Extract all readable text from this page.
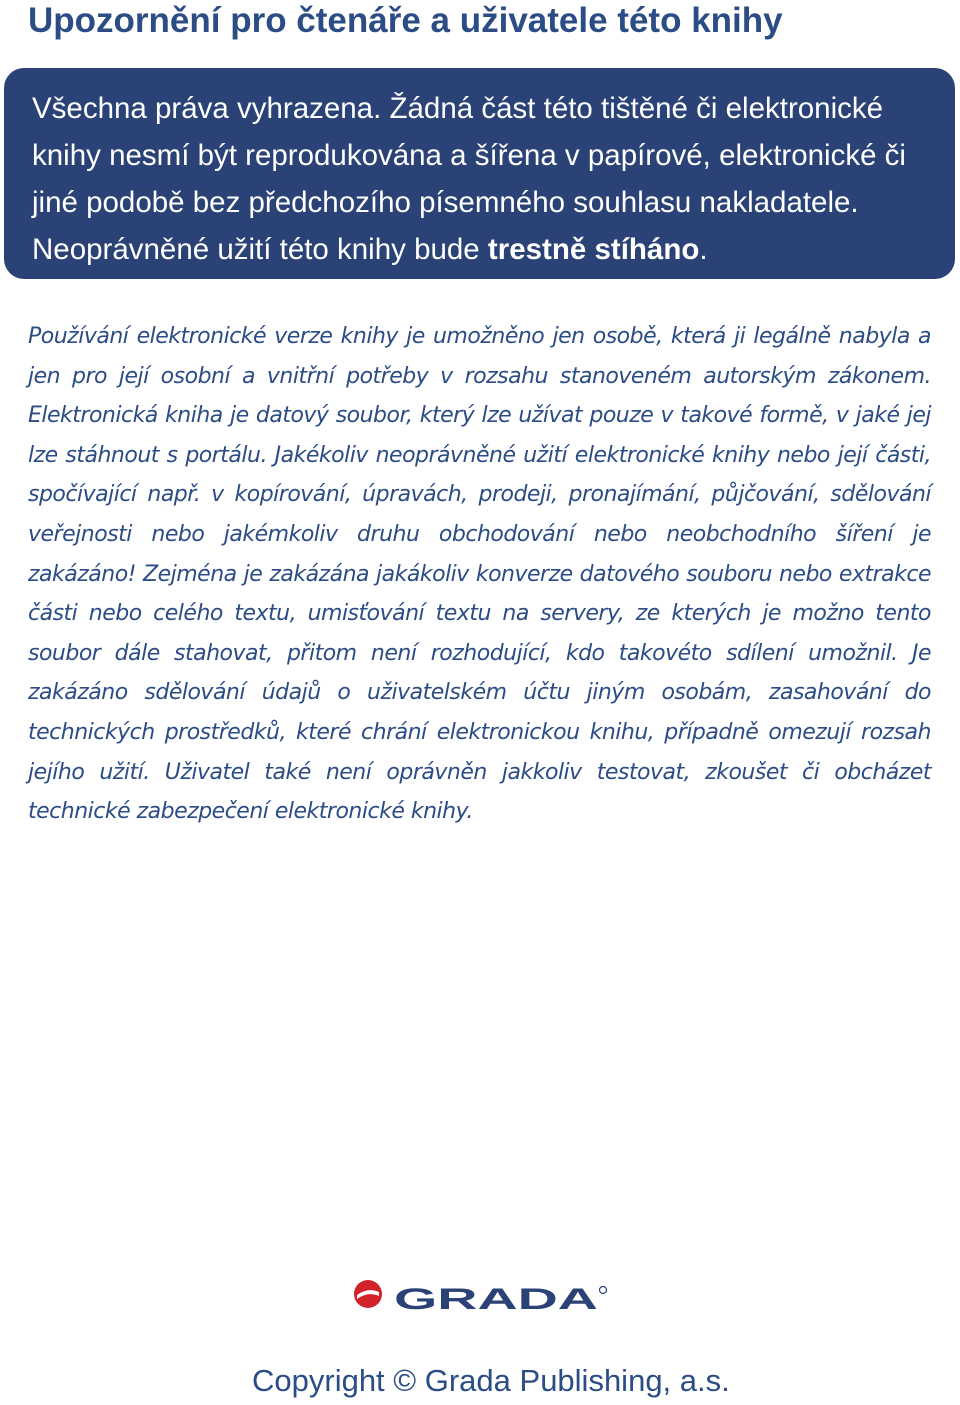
Upozornění pro čtenáře a uživatele této knihy

Všechna práva vyhrazena. Žádná část této tištěné či elektronické knihy nesmí být reprodukována a šířena v papírové, elektronické či jiné podobě bez předchozího písemného souhlasu nakladatele. Neoprávněné užití této knihy bude trestně stíháno.

Používání elektronické verze knihy je umožněno jen osobě, která ji legálně nabyla a jen pro její osobní a vnitřní potřeby v rozsahu stanoveném autorským zákonem. Elektronická kniha je datový soubor, který lze užívat pouze v takové formě, v jaké jej lze stáhnout s portálu. Jakékoliv neoprávněné užití elektronické knihy nebo její části, spočívající např. v kopírování, úpravách, prodeji, pronajímání, půjčování, sdělování veřejnosti nebo jakémkoliv druhu obchodování nebo neobchodního šíření je zakázáno! Zejména je zakázána jakákoliv konverze datového souboru nebo extrakce části nebo celého textu, umisťování textu na servery, ze kterých je možno tento soubor dále stahovat, přitom není rozhodující, kdo takovéto sdílení umožnil. Je zakázáno sdělování údajů o uživatelském účtu jiným osobám, zasahování do technických prostředků, které chrání elektronickou knihu, případně omezují rozsah jejího užití. Uživatel také není oprávněn jakkoliv testovat, zkoušet či obcházet technické zabezpečení elektronické knihy.

GRADA

Copyright © Grada Publishing, a.s.
